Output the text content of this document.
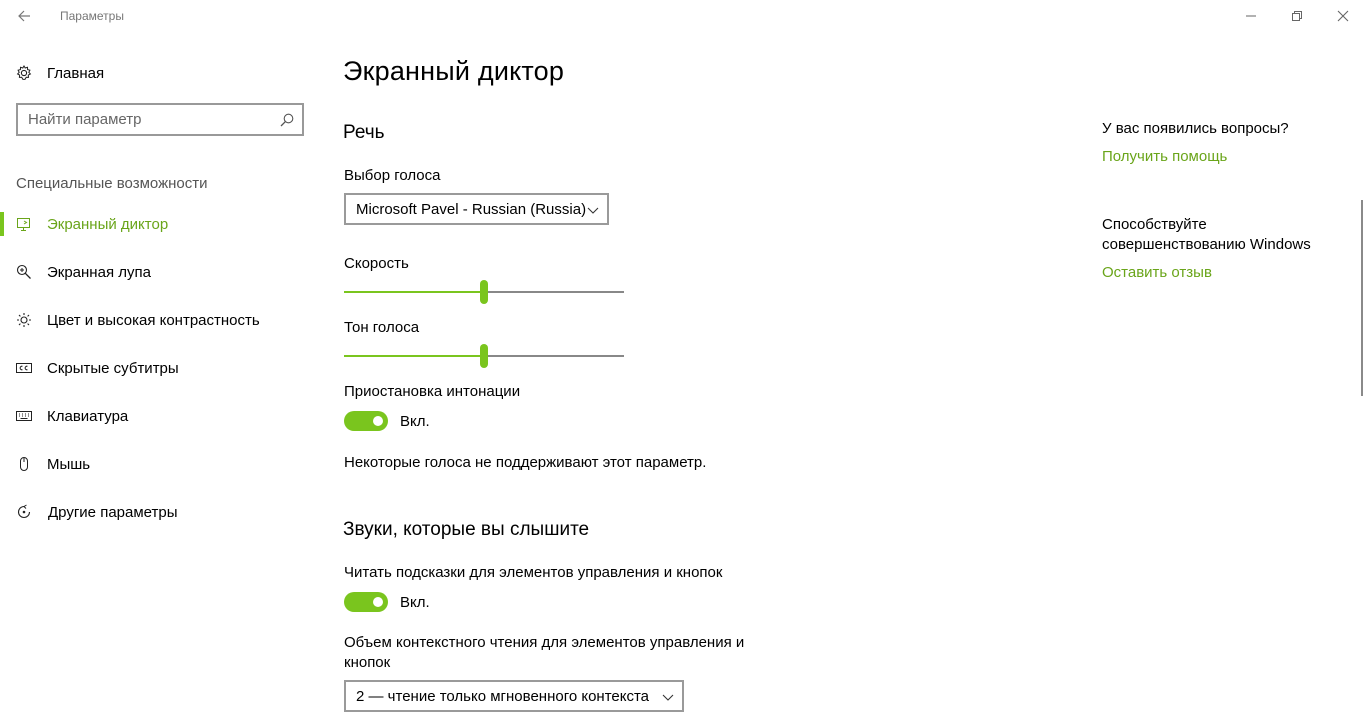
Параметры
Главная
Найти параметр
Специальные возможности
Экранный диктор
Экранная лупа
Цвет и высокая контрастность
Скрытые субтитры
Клавиатура
Мышь
Другие параметры
Экранный диктор
Речь
Выбор голоса
Microsoft Pavel - Russian (Russia)
Скорость
Тон голоса
Приостановка интонации
Вкл.
Некоторые голоса не поддерживают этот параметр.
Звуки, которые вы слышите
Читать подсказки для элементов управления и кнопок
Вкл.
Объем контекстного чтения для элементов управления и
кнопок
2 — чтение только мгновенного контекста
У вас появились вопросы?
Получить помощь
Способствуйте
совершенствованию Windows
Оставить отзыв
